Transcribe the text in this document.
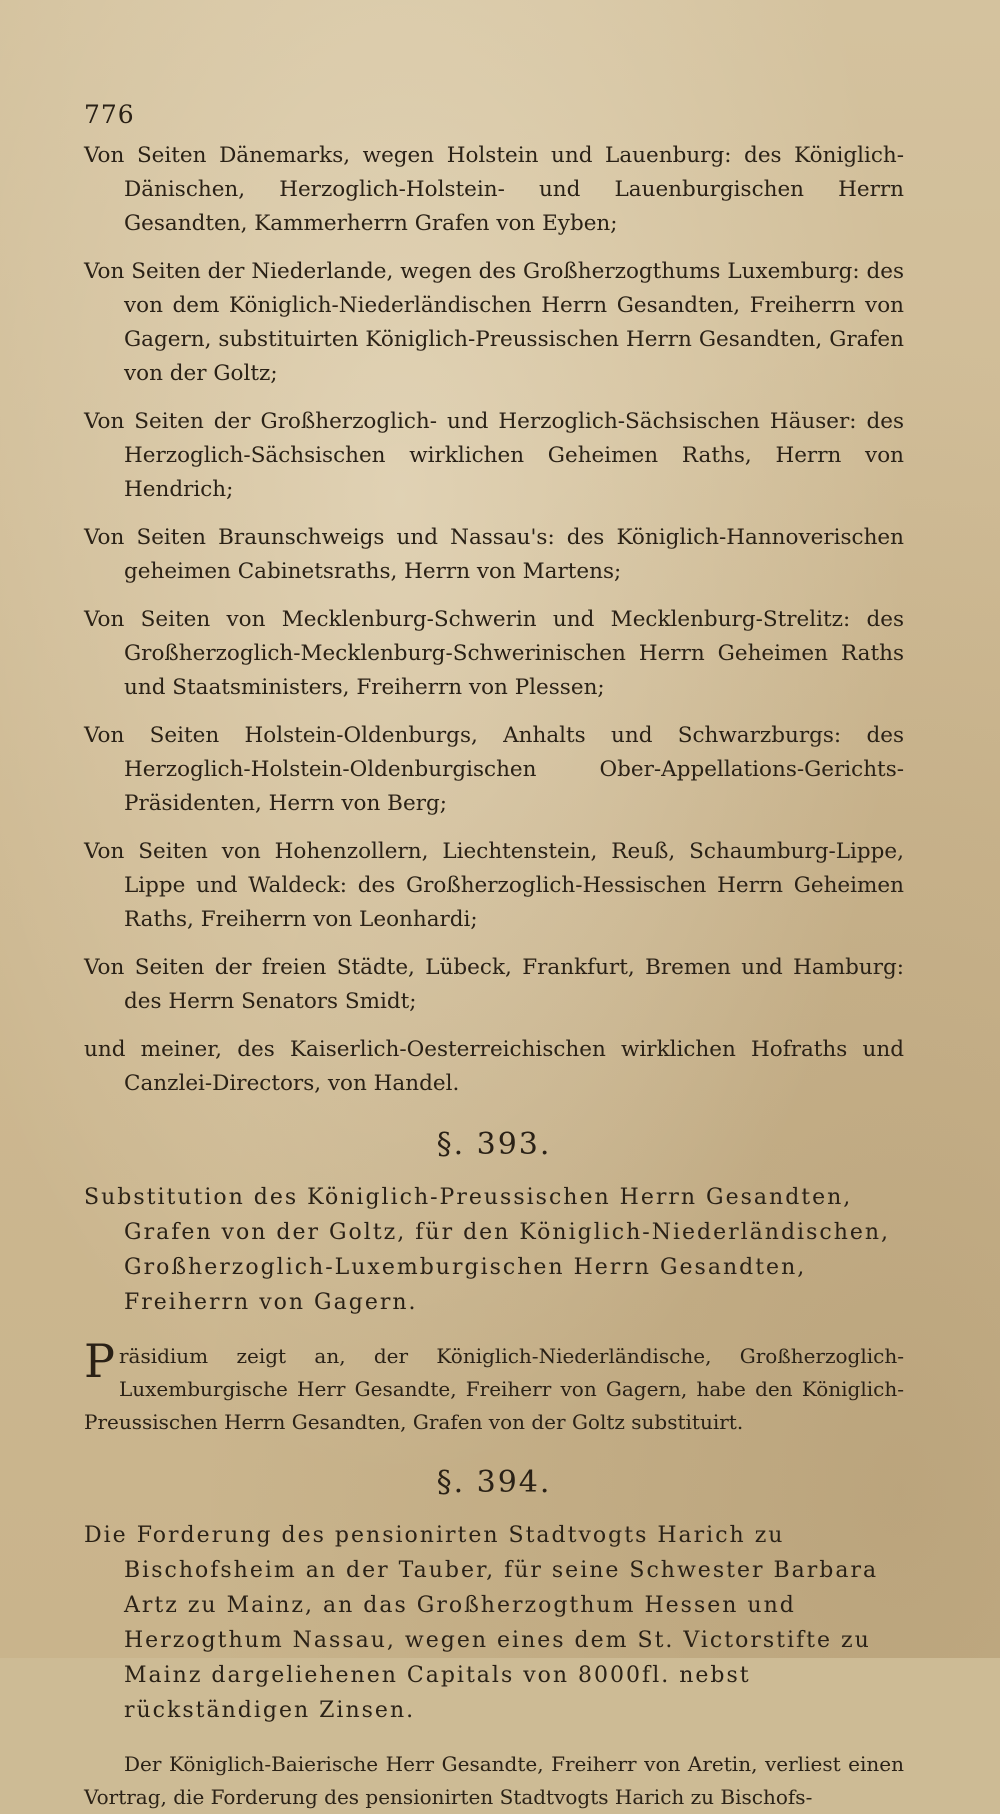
776
Von Seiten Dänemarks, wegen Holstein und Lauenburg: des Königlich-Dänischen, Herzoglich-Holstein- und Lauenburgischen Herrn Gesandten, Kammerherrn Grafen von Eyben;
Von Seiten der Niederlande, wegen des Großherzogthums Luxemburg: des von dem Königlich-Niederländischen Herrn Gesandten, Freiherrn von Gagern, substituirten Königlich-Preussischen Herrn Gesandten, Grafen von der Goltz;
Von Seiten der Großherzoglich- und Herzoglich-Sächsischen Häuser: des Herzoglich-Sächsischen wirklichen Geheimen Raths, Herrn von Hendrich;
Von Seiten Braunschweigs und Nassau's: des Königlich-Hannoverischen geheimen Cabinetsraths, Herrn von Martens;
Von Seiten von Mecklenburg-Schwerin und Mecklenburg-Strelitz: des Großherzoglich-Mecklenburg-Schwerinischen Herrn Geheimen Raths und Staatsministers, Freiherrn von Plessen;
Von Seiten Holstein-Oldenburgs, Anhalts und Schwarzburgs: des Herzoglich-Holstein-Oldenburgischen Ober-Appellations-Gerichts-Präsidenten, Herrn von Berg;
Von Seiten von Hohenzollern, Liechtenstein, Reuß, Schaumburg-Lippe, Lippe und Waldeck: des Großherzoglich-Hessischen Herrn Geheimen Raths, Freiherrn von Leonhardi;
Von Seiten der freien Städte, Lübeck, Frankfurt, Bremen und Hamburg: des Herrn Senators Smidt;
und meiner, des Kaiserlich-Oesterreichischen wirklichen Hofraths und Canzlei-Directors, von Handel.
§. 393.
Substitution des Königlich-Preussischen Herrn Gesandten, Grafen von der Goltz, für den Königlich-Niederländischen, Großherzoglich-Luxemburgischen Herrn Gesandten, Freiherrn von Gagern.
Präsidium zeigt an, der Königlich-Niederländische, Großherzoglich-Luxemburgische Herr Gesandte, Freiherr von Gagern, habe den Königlich-Preussischen Herrn Gesandten, Grafen von der Goltz substituirt.
§. 394.
Die Forderung des pensionirten Stadtvogts Harich zu Bischofsheim an der Tauber, für seine Schwester Barbara Artz zu Mainz, an das Großherzogthum Hessen und Herzogthum Nassau, wegen eines dem St. Victorstifte zu Mainz dargeliehenen Capitals von 8000fl. nebst rückständigen Zinsen.
Der Königlich-Baierische Herr Gesandte, Freiherr von Aretin, verliest einen Vortrag, die Forderung des pensionirten Stadtvogts Harich zu Bischofs-
